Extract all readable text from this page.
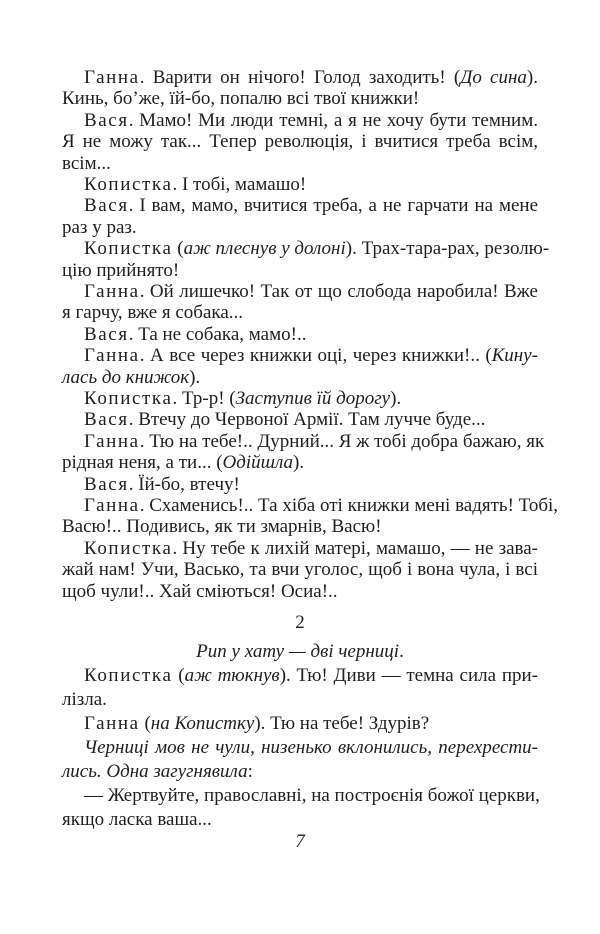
Ганна. Варити он нічого! Голод заходить! (До сина).
Кинь, бо’же, їй-бо, попалю всі твої книжки!
Вася. Мамо! Ми люди темні, а я не хочу бути темним.
Я не можу так... Тепер революція, і вчитися треба всім,
всім...
Копистка. І тобі, мамашо!
Вася. І вам, мамо, вчитися треба, а не гарчати на мене
раз у раз.
Копистка (аж плеснув у долоні). Трах-тара-рах, резолю-
цію прийнято!
Ганна. Ой лишечко! Так от що слобода наробила! Вже
я гарчу, вже я собака...
Вася. Та не собака, мамо!..
Ганна. А все через книжки оці, через книжки!.. (Кину-
лась до книжок).
Копистка. Тр-р! (Заступив їй дорогу).
Вася. Втечу до Червоної Армії. Там лучче буде...
Ганна. Тю на тебе!.. Дурний... Я ж тобі добра бажаю, як
рідная неня, а ти... (Одійшла).
Вася. Їй-бо, втечу!
Ганна. Схаменись!.. Та хіба оті книжки мені вадять! Тобі,
Васю!.. Подивись, як ти змарнів, Васю!
Копистка. Ну тебе к лихій матері, мамашо, — не зава-
жай нам! Учи, Васько, та вчи уголос, щоб і вона чула, і всі
щоб чули!.. Хай сміються! Осиа!..
Рип у хату — дві черниці.
Копистка (аж тюкнув). Тю! Диви — темна сила при-
лізла.
Ганна (на Копистку). Тю на тебе! Здурів?
Черниці мов не чули, низенько вклонились, перехрести-
лись. Одна загугнявила:
— Жертвуйте, православні, на построєнія божої церкви,
якщо ласка ваша...
2
7
